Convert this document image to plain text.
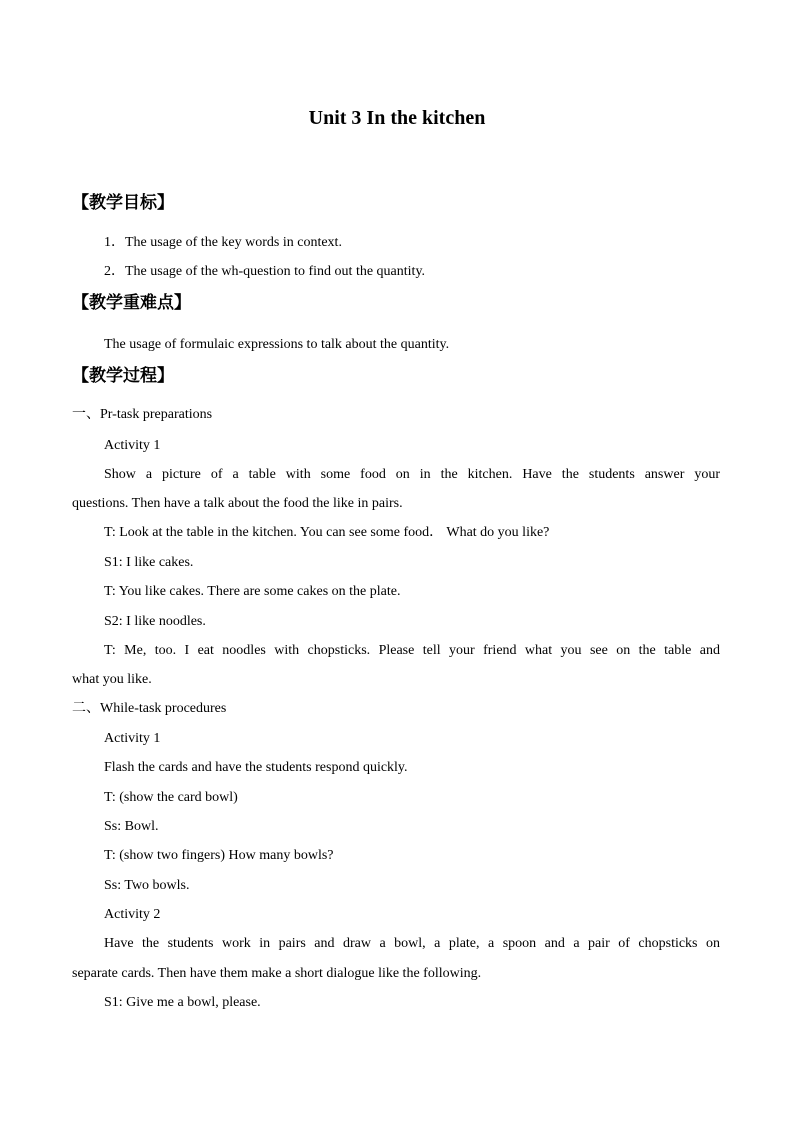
Unit 3 In the kitchen
【教学目标】
1．The usage of the key words in context.
2．The usage of the wh-question to find out the quantity.
【教学重难点】
The usage of formulaic expressions to talk about the quantity.
【教学过程】
一、Pr-task preparations
Activity 1
Show a picture of a table with some food on in the kitchen. Have the students answer your
questions. Then have a talk about the food the like in pairs.
T: Look at the table in the kitchen. You can see some food． What do you like?
S1: I like cakes.
T: You like cakes. There are some cakes on the plate.
S2: I like noodles.
T: Me, too. I eat noodles with chopsticks. Please tell your friend what you see on the table and
what you like.
二、While-task procedures
Activity 1
Flash the cards and have the students respond quickly.
T: (show the card bowl)
Ss: Bowl.
T: (show two fingers) How many bowls?
Ss: Two bowls.
Activity 2
Have the students work in pairs and draw a bowl, a plate, a spoon and a pair of chopsticks on
separate cards. Then have them make a short dialogue like the following.
S1: Give me a bowl, please.
